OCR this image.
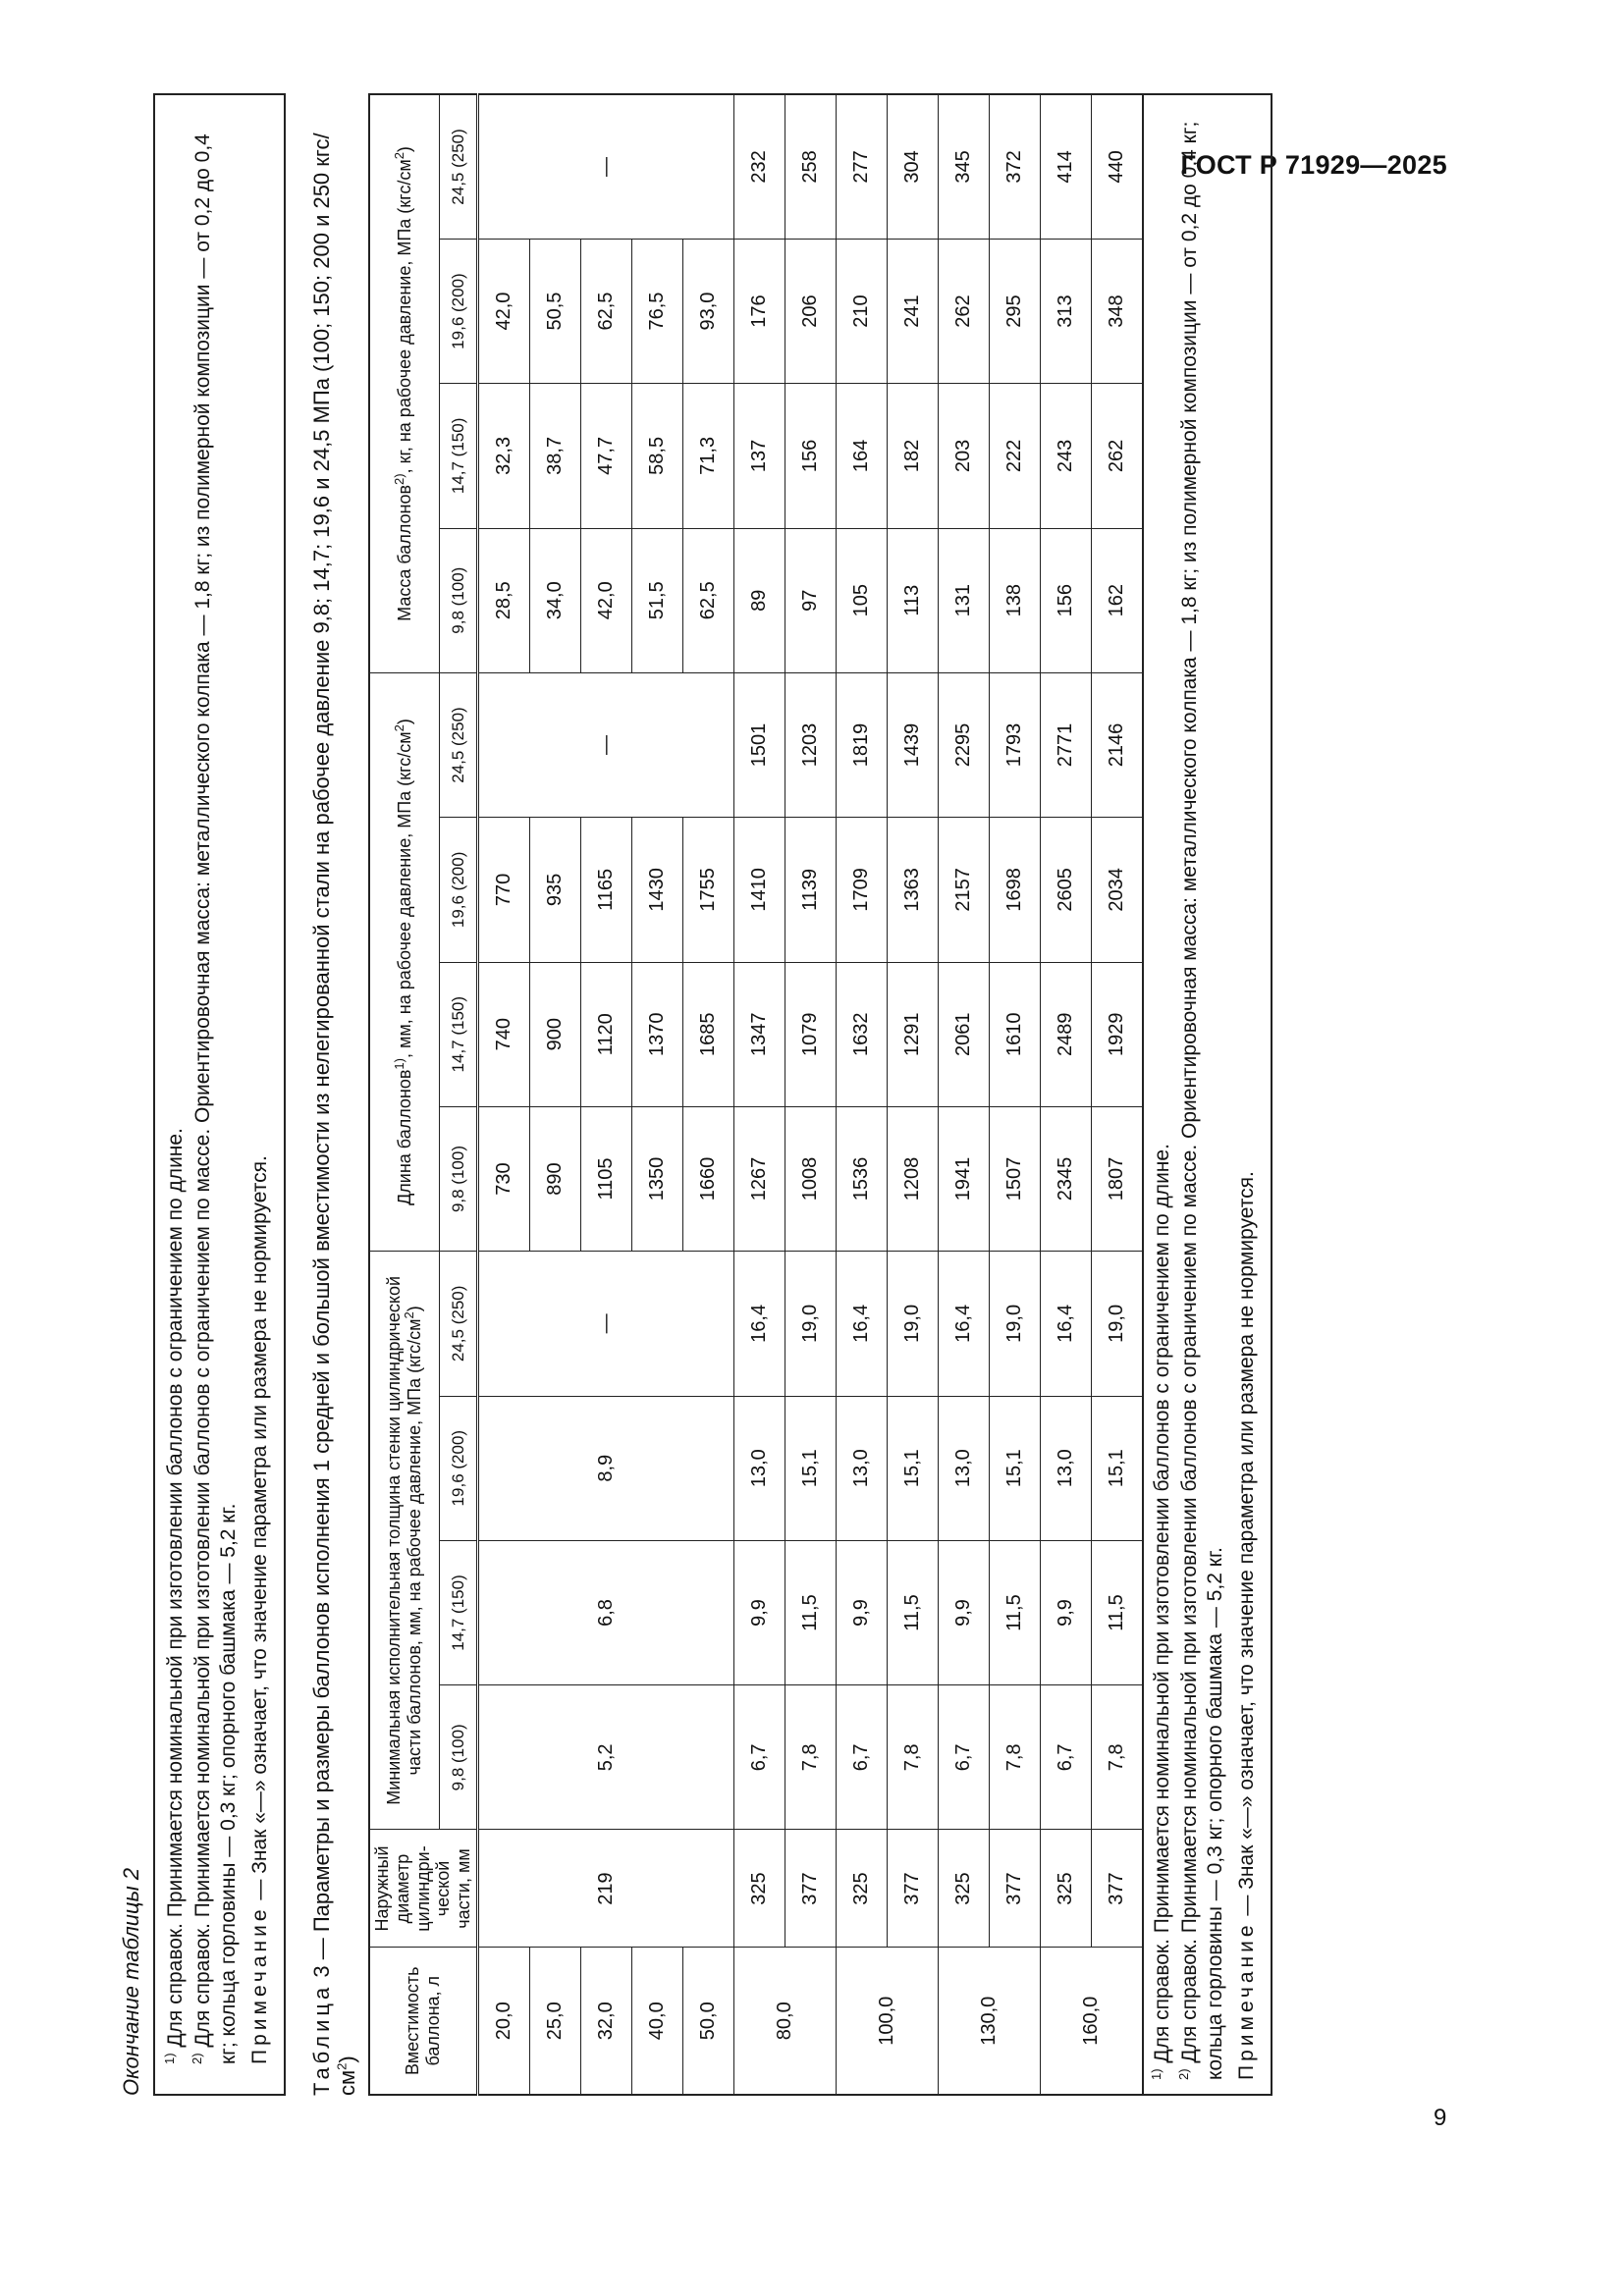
ГОСТ Р 71929—2025
9
Окончание таблицы 2 $^{1)}$ Для справок. Принимается номинальной при изготовлении баллонов с ограничением по длине.

$^{2)}$ Для справок. Принимается номинальной при изготовлении баллонов с ограничением по массе. Ориентировочная масса: металлического колпака — 1,8 кг; из полимерной композиции — от 0,2 до 0,4 кг; кольца горловины — 0,3 кг; опорного башмака — 5,2 кг. Примечание — Знак «—» означает, что значение параметра или размера не нормируется.

Таблица 3 — Параметры и размеры баллонов исполнения 1 средней и большой вместимости из нелегированной стали на рабочее давление 9,8; 14,7; 19,6 и 24,5 МПа (100; 150; 200 и 250 кгс/$см^2$) Вместимость баллона, л	Наружный диаметр цилиндри-ческой части, мм	Минимальная исполнительная толщина стенки цилиндрической части баллонов, мм, на рабочее давление, МПа $(кгс/см^2)$				Длина баллонов$^{1)}$, мм, на рабочее давление, МПа $(кгс/см^2)$				Масса баллонов$^{2)}$, кг, на рабочее давление, МПа $(кгс/см^2)$			
		9,8 (100)	14,7 (150)	19,6 (200)	24,5 (250)	9,8 (100)	14,7 (150)	19,6 (200)	24,5 (250)	9,8 (100)	14,7 (150)	19,6 (200)	24,5 (250)
20,0	219	5,2	6,8	8,9	—	730	740	770	—	28,5	32,3	42,0	—
25,0						890	900	935		34,0	38,7	50,5	
32,0						1105	1120	1165		42,0	47,7	62,5	
40,0						1350	1370	1430		51,5	58,5	76,5	
50,0						1660	1685	1755		62,5	71,3	93,0	
80,0	325	6,7	9,9	13,0	16,4	1267	1347	1410	1501	89	137	176	232
	377	7,8	11,5	15,1	19,0	1008	1079	1139	1203	97	156	206	258
100,0	325	6,7	9,9	13,0	16,4	1536	1632	1709	1819	105	164	210	277
	377	7,8	11,5	15,1	19,0	1208	1291	1363	1439	113	182	241	304
130,0	325	6,7	9,9	13,0	16,4	1941	2061	2157	2295	131	203	262	345
	377	7,8	11,5	15,1	19,0	1507	1610	1698	1793	138	222	295	372
160,0	325	6,7	9,9	13,0	16,4	2345	2489	2605	2771	156	243	313	414
	377	7,8	11,5	15,1	19,0	1807	1929	2034	2146	162	262	348	440

$^{1)}$ Для справок. Принимается номинальной при изготовлении баллонов с ограничением по длине.

$^{2)}$ Для справок. Принимается номинальной при изготовлении баллонов с ограничением по массе. Ориентировочная масса: металлического колпака — 1,8 кг; из полимерной композиции — от 0,2 до 0,4 кг; кольца горловины — 0,3 кг; опорного башмака — 5,2 кг. Примечание — Знак «—» означает, что значение параметра или размера не нормируется.
